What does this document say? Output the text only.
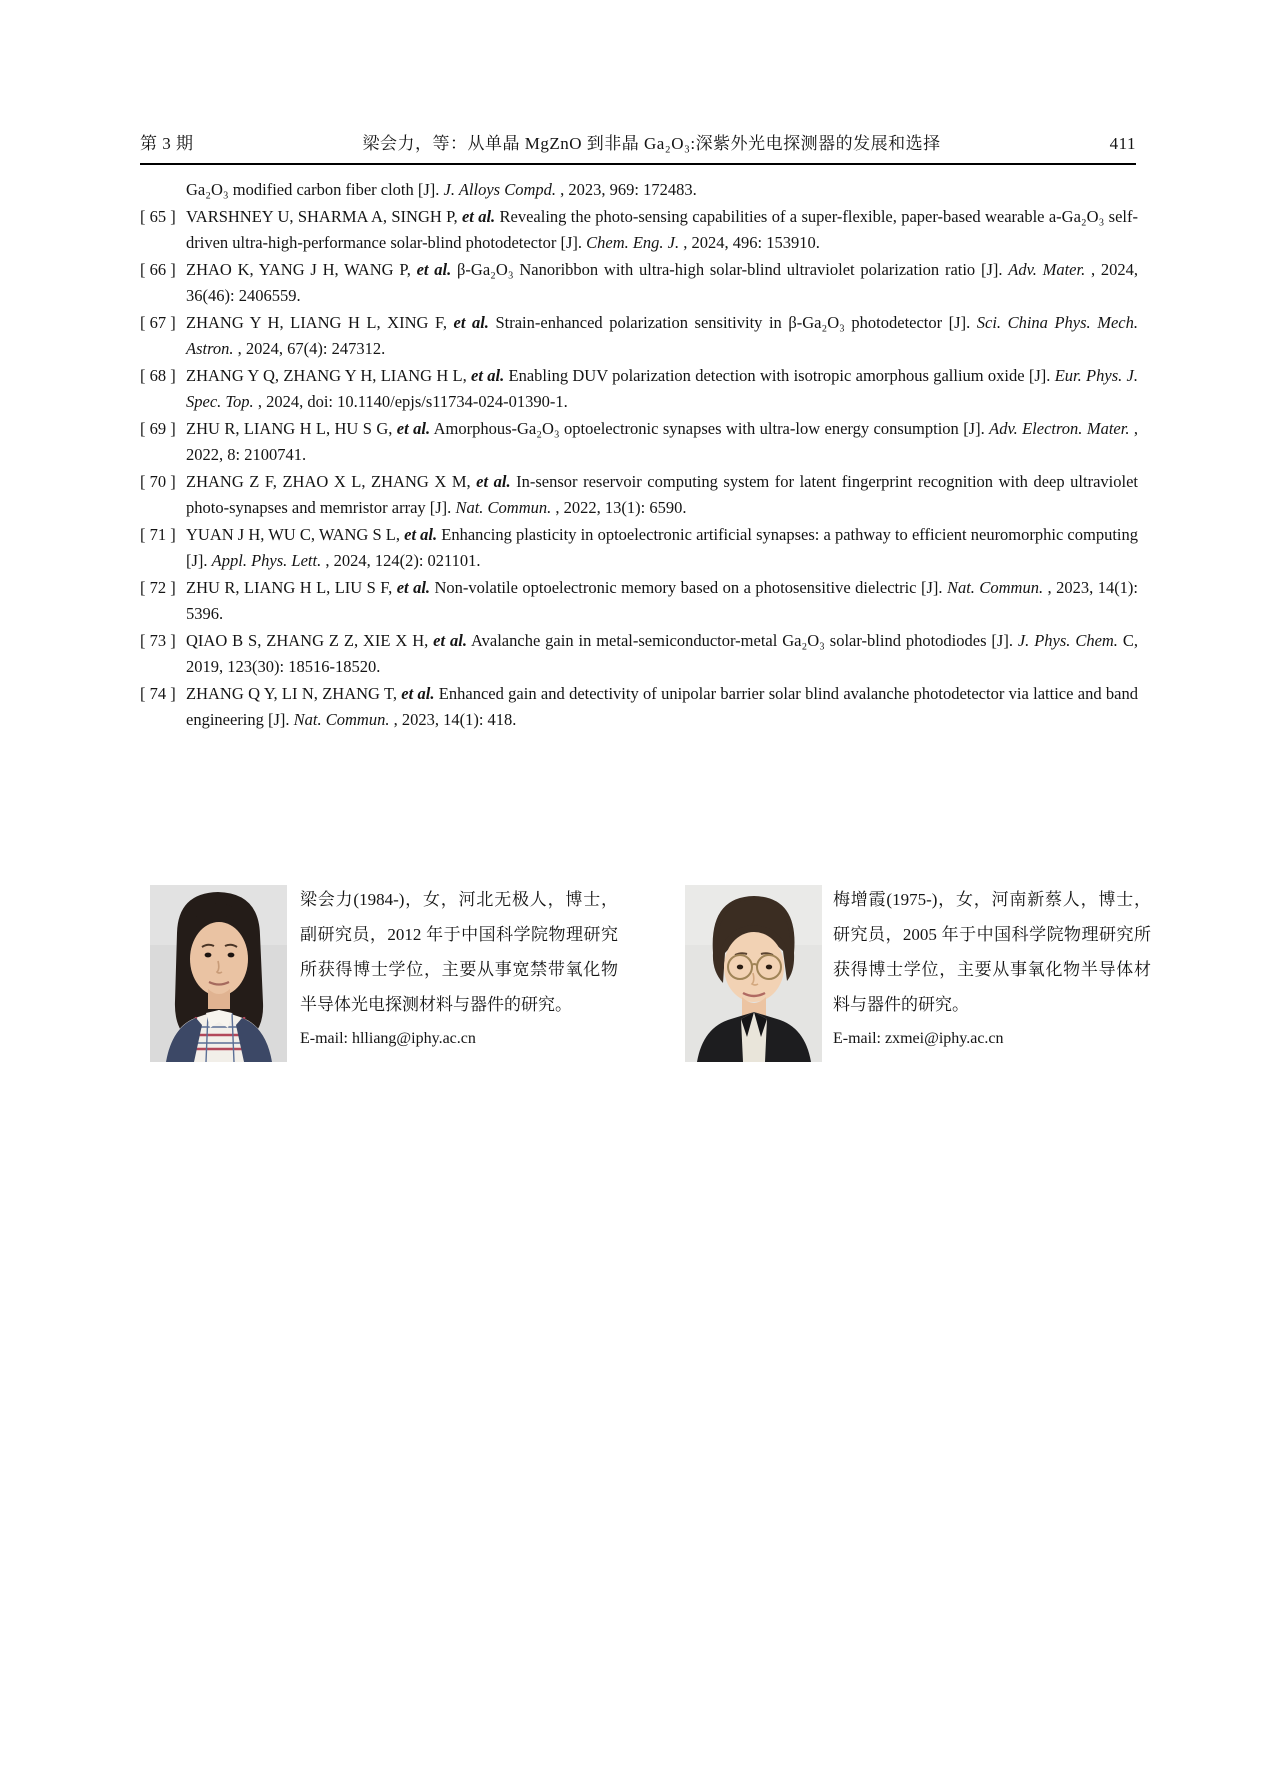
第 3 期	梁会力，等：从单晶 MgZnO 到非晶 Ga₂O₃:深紫外光电探测器的发展和选择	411
Ga₂O₃ modified carbon fiber cloth [J]. J. Alloys Compd. , 2023, 969: 172483.
[ 65 ] VARSHNEY U, SHARMA A, SINGH P, et al. Revealing the photo-sensing capabilities of a super-flexible, paper-based wearable a-Ga₂O₃ self-driven ultra-high-performance solar-blind photodetector [J]. Chem. Eng. J. , 2024, 496: 153910.
[ 66 ] ZHAO K, YANG J H, WANG P, et al. β-Ga₂O₃ Nanoribbon with ultra-high solar-blind ultraviolet polarization ratio [J]. Adv. Mater. , 2024, 36(46): 2406559.
[ 67 ] ZHANG Y H, LIANG H L, XING F, et al. Strain-enhanced polarization sensitivity in β-Ga₂O₃ photodetector [J]. Sci. China Phys. Mech. Astron. , 2024, 67(4): 247312.
[ 68 ] ZHANG Y Q, ZHANG Y H, LIANG H L, et al. Enabling DUV polarization detection with isotropic amorphous gallium oxide [J]. Eur. Phys. J. Spec. Top. , 2024, doi: 10.1140/epjs/s11734-024-01390-1.
[ 69 ] ZHU R, LIANG H L, HU S G, et al. Amorphous-Ga₂O₃ optoelectronic synapses with ultra-low energy consumption [J]. Adv. Electron. Mater. , 2022, 8: 2100741.
[ 70 ] ZHANG Z F, ZHAO X L, ZHANG X M, et al. In-sensor reservoir computing system for latent fingerprint recognition with deep ultraviolet photo-synapses and memristor array [J]. Nat. Commun. , 2022, 13(1): 6590.
[ 71 ] YUAN J H, WU C, WANG S L, et al. Enhancing plasticity in optoelectronic artificial synapses: a pathway to efficient neuromorphic computing [J]. Appl. Phys. Lett. , 2024, 124(2): 021101.
[ 72 ] ZHU R, LIANG H L, LIU S F, et al. Non-volatile optoelectronic memory based on a photosensitive dielectric [J]. Nat. Commun. , 2023, 14(1): 5396.
[ 73 ] QIAO B S, ZHANG Z Z, XIE X H, et al. Avalanche gain in metal-semiconductor-metal Ga₂O₃ solar-blind photodiodes [J]. J. Phys. Chem. C, 2019, 123(30): 18516-18520.
[ 74 ] ZHANG Q Y, LI N, ZHANG T, et al. Enhanced gain and detectivity of unipolar barrier solar blind avalanche photodetector via lattice and band engineering [J]. Nat. Commun. , 2023, 14(1): 418.
梁会力(1984-)，女，河北无极人，博士，副研究员，2012 年于中国科学院物理研究所获得博士学位，主要从事宽禁带氧化物半导体光电探测材料与器件的研究。
E-mail: hlliang@iphy.ac.cn
梅增霞(1975-)，女，河南新蔡人，博士，研究员，2005 年于中国科学院物理研究所获得博士学位，主要从事氧化物半导体材料与器件的研究。
E-mail: zxmei@iphy.ac.cn
